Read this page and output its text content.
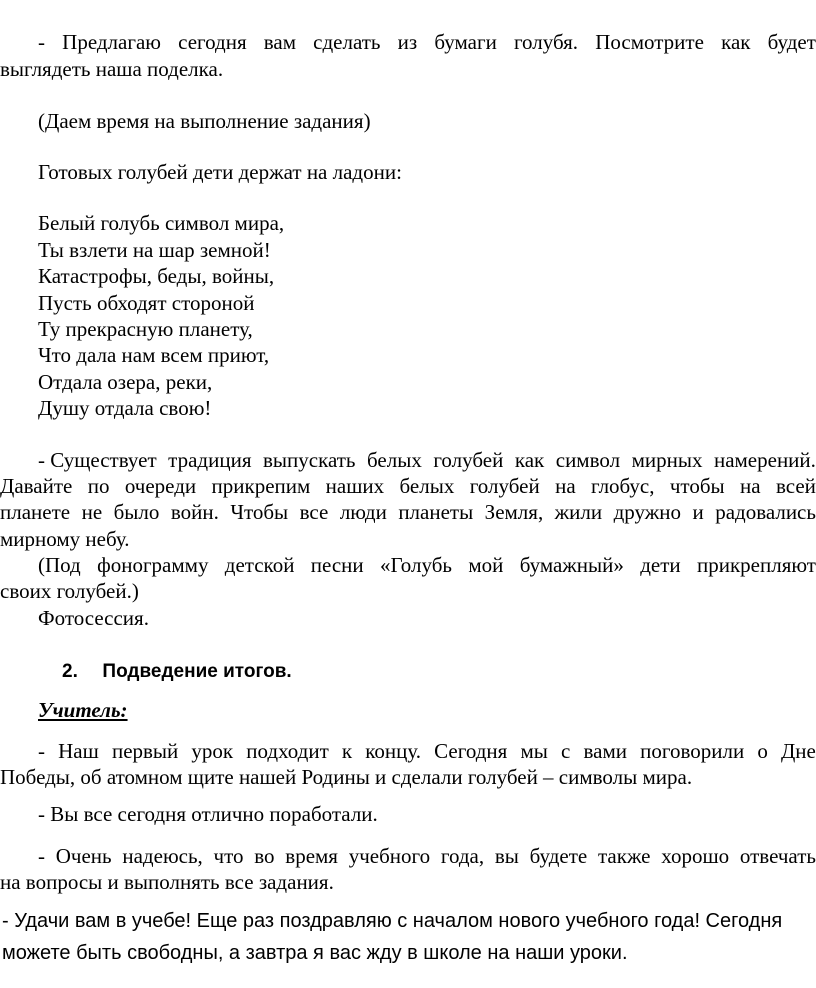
- Предлагаю сегодня вам сделать из бумаги голубя. Посмотрите как будет
выглядеть наша поделка.
(Даем время на выполнение задания)
Готовых голубей дети держат на ладони:
Белый голубь символ мира,
Ты взлети на шар земной!
Катастрофы, беды, войны,
Пусть обходят стороной
Ту прекрасную планету,
Что дала нам всем приют,
Отдала озера, реки,
Душу отдала свою!
- Существует традиция выпускать белых голубей как символ мирных намерений.
Давайте по очереди прикрепим наших белых голубей на глобус, чтобы на всей
планете не было войн. Чтобы все люди планеты Земля, жили дружно и радовались
мирному небу.
(Под фонограмму детской песни «Голубь мой бумажный» дети прикрепляют
своих голубей.)
Фотосессия.
2. Подведение итогов.
Учитель:
- Наш первый урок подходит к концу. Сегодня мы с вами поговорили о Дне
Победы, об атомном щите нашей Родины и сделали голубей – символы мира.
- Вы все сегодня отлично поработали.
- Очень надеюсь, что во время учебного года, вы будете также хорошо отвечать
на вопросы и выполнять все задания.
- Удачи вам в учебе! Еще раз поздравляю с началом нового учебного года! Сегодня
можете быть свободны, а завтра я вас жду в школе на наши уроки.
